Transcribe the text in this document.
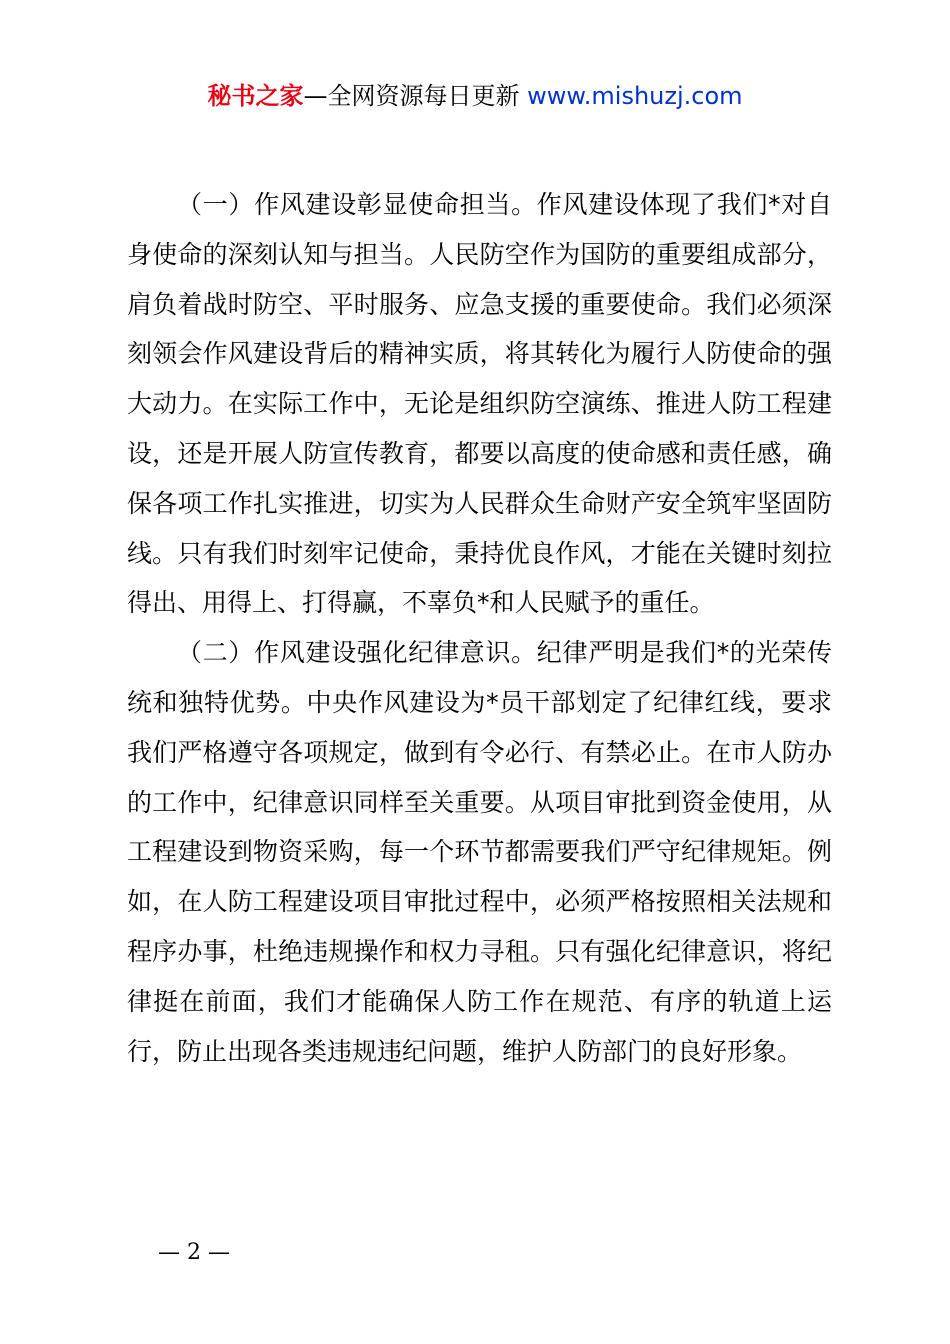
秘书之家—全网资源每日更新 www.mishuzj.com

（一）作风建设彰显使命担当。作风建设体现了我们*对自身使命的深刻认知与担当。人民防空作为国防的重要组成部分，肩负着战时防空、平时服务、应急支援的重要使命。我们必须深刻领会作风建设背后的精神实质，将其转化为履行人防使命的强大动力。在实际工作中，无论是组织防空演练、推进人防工程建设，还是开展人防宣传教育，都要以高度的使命感和责任感，确保各项工作扎实推进，切实为人民群众生命财产安全筑牢坚固防线。只有我们时刻牢记使命，秉持优良作风，才能在关键时刻拉得出、用得上、打得赢，不辜负*和人民赋予的重任。

（二）作风建设强化纪律意识。纪律严明是我们*的光荣传统和独特优势。中央作风建设为*员干部划定了纪律红线，要求我们严格遵守各项规定，做到有令必行、有禁必止。在市人防办的工作中，纪律意识同样至关重要。从项目审批到资金使用，从工程建设到物资采购，每一个环节都需要我们严守纪律规矩。例如，在人防工程建设项目审批过程中，必须严格按照相关法规和程序办事，杜绝违规操作和权力寻租。只有强化纪律意识，将纪律挺在前面，我们才能确保人防工作在规范、有序的轨道上运行，防止出现各类违规违纪问题，维护人防部门的良好形象。

— 2 —
